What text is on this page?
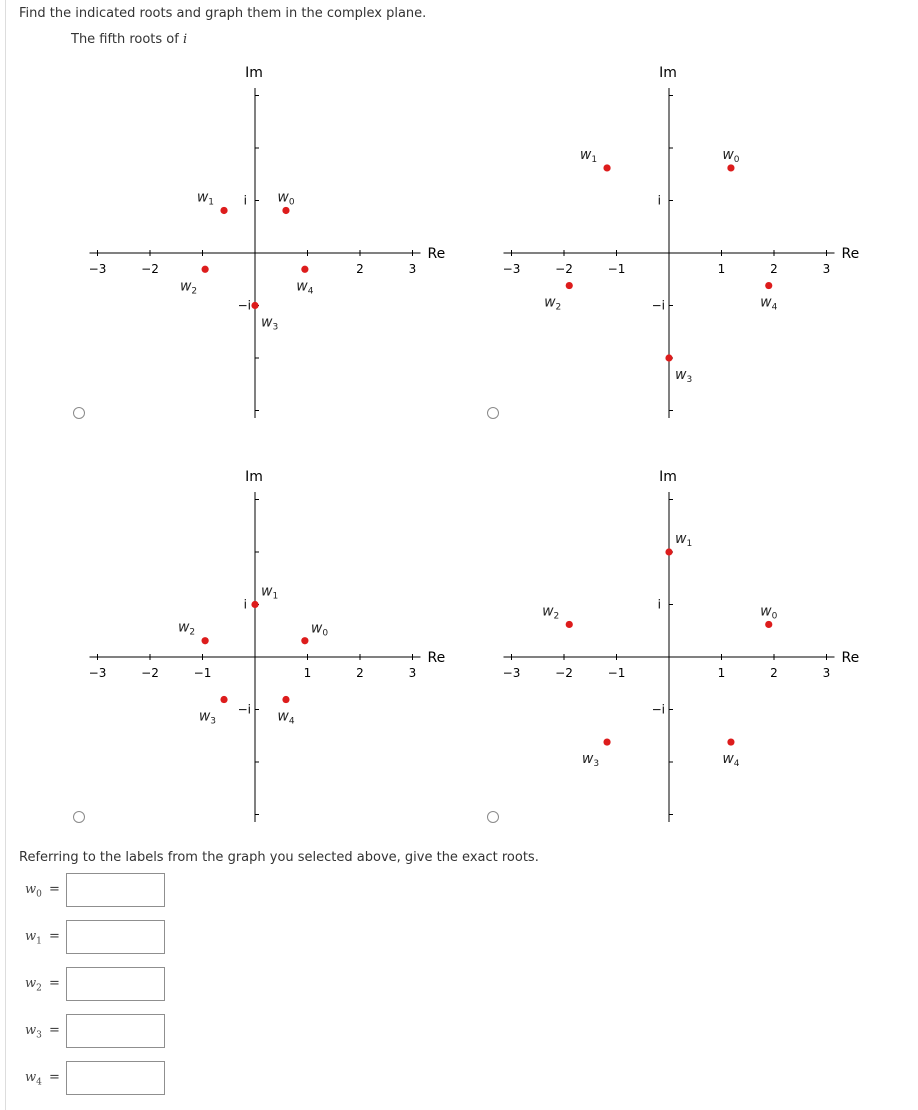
Find the indicated roots and graph them in the complex plane.
The fifth roots of i
−3	−2	2	3
i
−i
Im
Re
$w_0$
$w_1$
$w_2$
$w_3$
$w_4$
−3	−2	−1	1	2	3
i
−i
Im
Re
$w_0$
$w_1$
$w_2$
$w_3$
$w_4$
−3	−2	−1	1	2	3
i
−i
Im
Re
$w_0$
$w_1$
$w_2$
$w_3$	$w_4$
−3	−2	−1	1	2	3
i
−i
Im
Re
$w_0$
$w_1$
$w_2$
$w_3$	$w_4$
Referring to the labels from the graph you selected above, give the exact roots.
$w_0$ =
$w_1$ =
$w_2$ =
$w_3$ =
$w_4$ =
